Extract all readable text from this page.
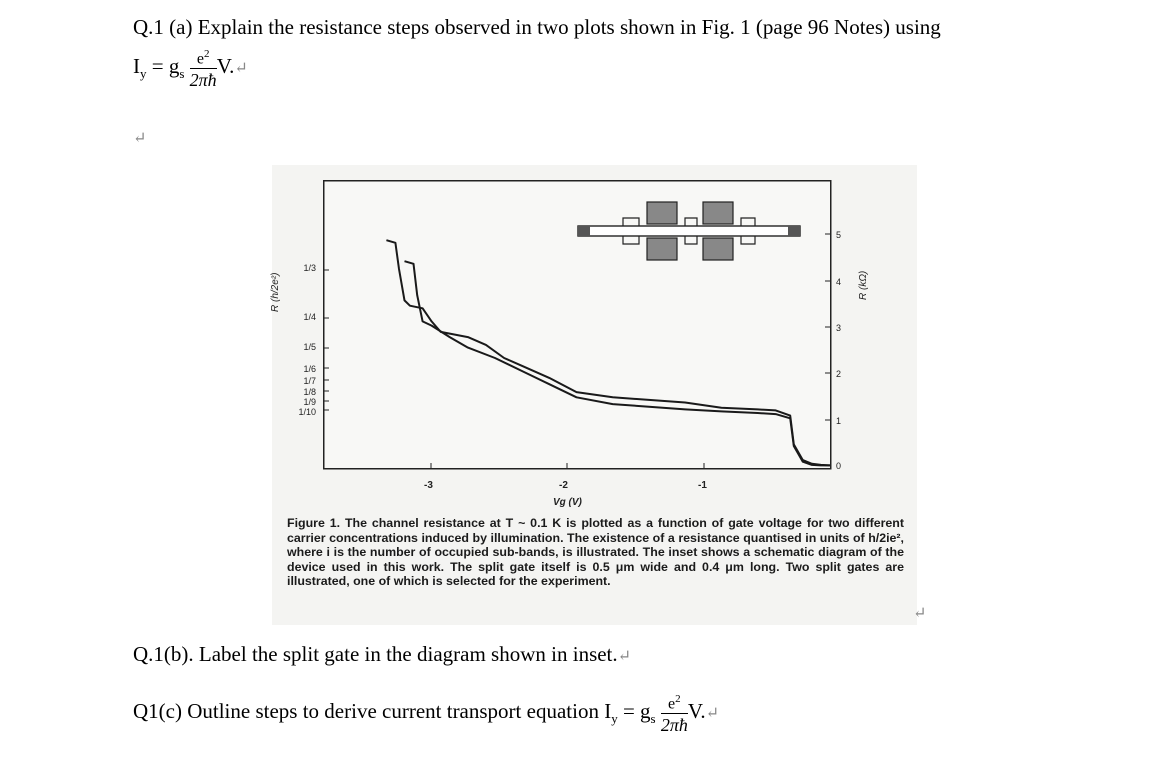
Q.1 (a) Explain the resistance steps observed in two plots shown in Fig. 1 (page 96 Notes) using
$I_y = g_s \frac{e^2}{2\pi ħ}$ V.↵
↵
R (h/2e²)	R (kΩ)
1/3
1/4
1/5
1/6
1/7
1/8
1/9
1/10
5
4
3
2
1
0
-3	-2	-1
Vg (V)
Figure 1. The channel resistance at T ~ 0.1 K is plotted as a function of gate voltage for two different carrier concentrations induced by illumination. The existence of a resistance quantised in units of h/2ie², where i is the number of occupied sub-bands, is illustrated. The inset shows a schematic diagram of the device used in this work. The split gate itself is 0.5 μm wide and 0.4 μm long. Two split gates are illustrated, one of which is selected for the experiment.
↵
Q.1(b). Label the split gate in the diagram shown in inset.↵
Q1(c) Outline steps to derive current transport equation $I_y = g_s \frac{e^2}{2\pi ħ}$ V.↵
